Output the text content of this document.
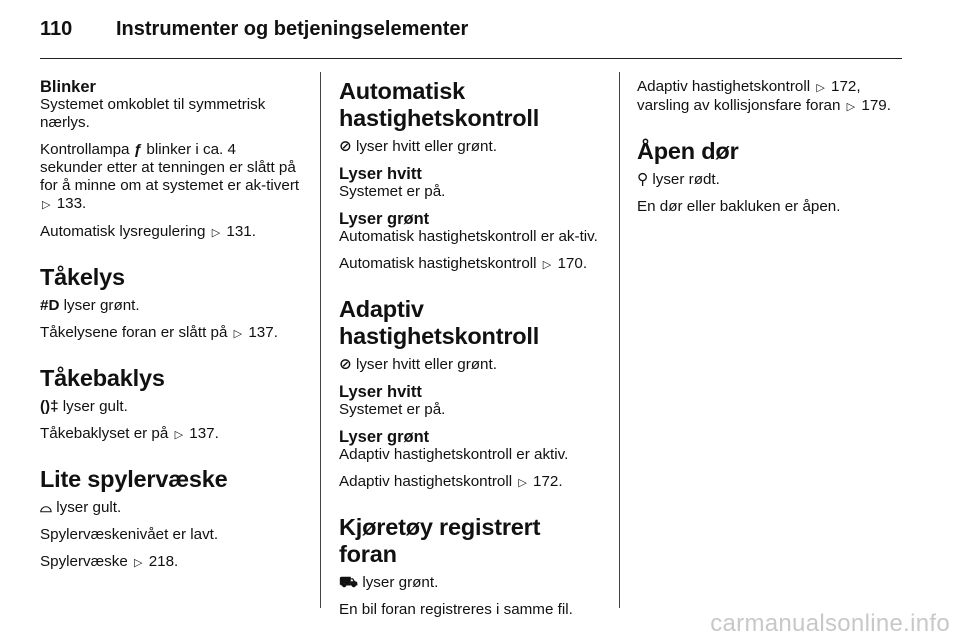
110	Instrumenter og betjeningselementer
Blinker

Systemet omkoblet til symmetrisk nærlys.

Kontrollampa ƒ blinker i ca. 4 sekunder etter at tenningen er slått på for å minne om at systemet er ak-tivert ▷ 133.

Automatisk lysregulering ▷ 131.

Tåkelys

#D lyser grønt.

Tåkelysene foran er slått på ▷ 137.

Tåkebaklys

()‡ lyser gult.

Tåkebaklyset er på ▷ 137.

Lite spylervæske

⌓ lyser gult.

Spylervæskenivået er lavt.

Spylervæske ▷ 218.

Automatisk hastighetskontroll

⊘ lyser hvitt eller grønt.

Lyser hvitt

Systemet er på.

Lyser grønt

Automatisk hastighetskontroll er ak-tiv.

Automatisk hastighetskontroll ▷ 170.

Adaptiv hastighetskontroll

⊘ lyser hvitt eller grønt.

Lyser hvitt

Systemet er på.

Lyser grønt

Adaptiv hastighetskontroll er aktiv.

Adaptiv hastighetskontroll ▷ 172.

Kjøretøy registrert foran

⛟ lyser grønt.

En bil foran registreres i samme fil.

Adaptiv hastighetskontroll ▷ 172, varsling av kollisjonsfare foran ▷ 179.

Åpen dør

⚲ lyser rødt.

En dør eller bakluken er åpen.

carmanualsonline.info
